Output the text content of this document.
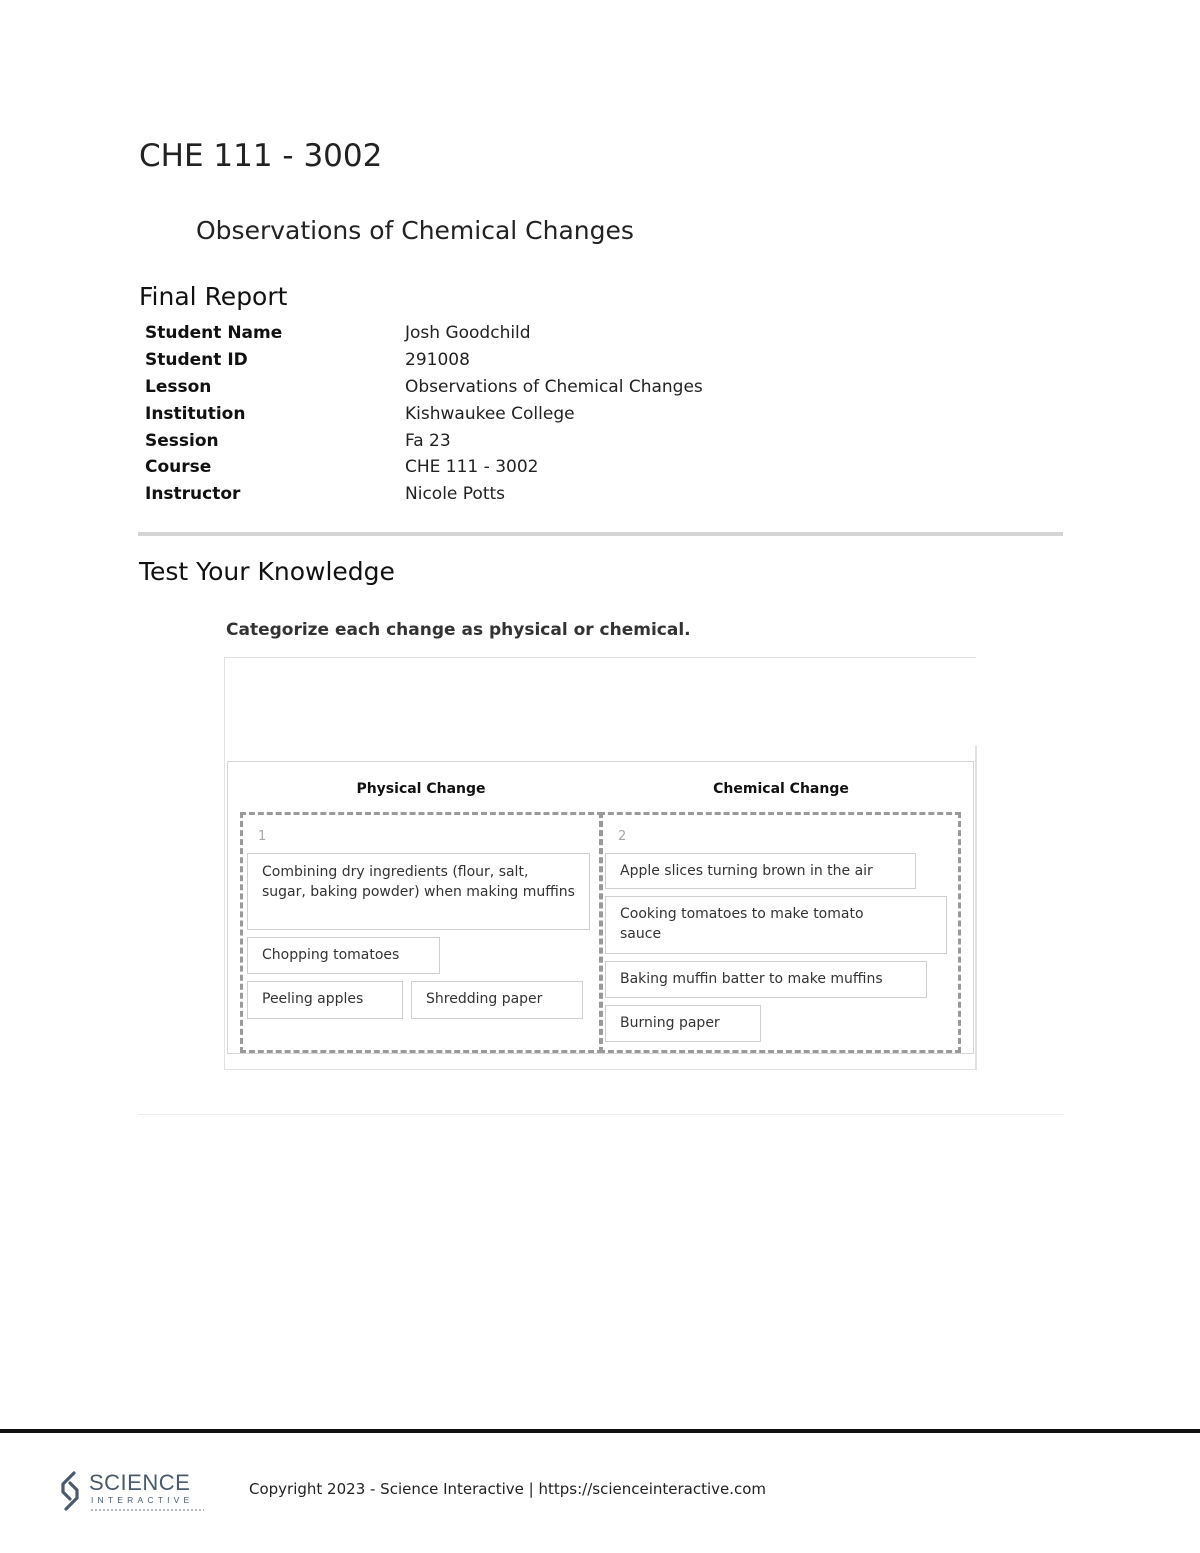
CHE 111 - 3002
Observations of Chemical Changes
Final Report
Student Name	Josh Goodchild
Student ID	291008
Lesson	Observations of Chemical Changes
Institution	Kishwaukee College
Session	Fa 23
Course	CHE 111 - 3002
Instructor	Nicole Potts
Test Your Knowledge

Categorize each change as physical or chemical.

Physical Change	Chemical Change
1	2
Combining dry ingredients (flour, salt, sugar, baking powder) when making muffins
Chopping tomatoes
Peeling apples	Shredding paper
Apple slices turning brown in the air
Cooking tomatoes to make tomato sauce
Baking muffin batter to make muffins
Burning paper
SCIENCE
INTERACTIVE
Copyright 2023 - Science Interactive | https://scienceinteractive.com
